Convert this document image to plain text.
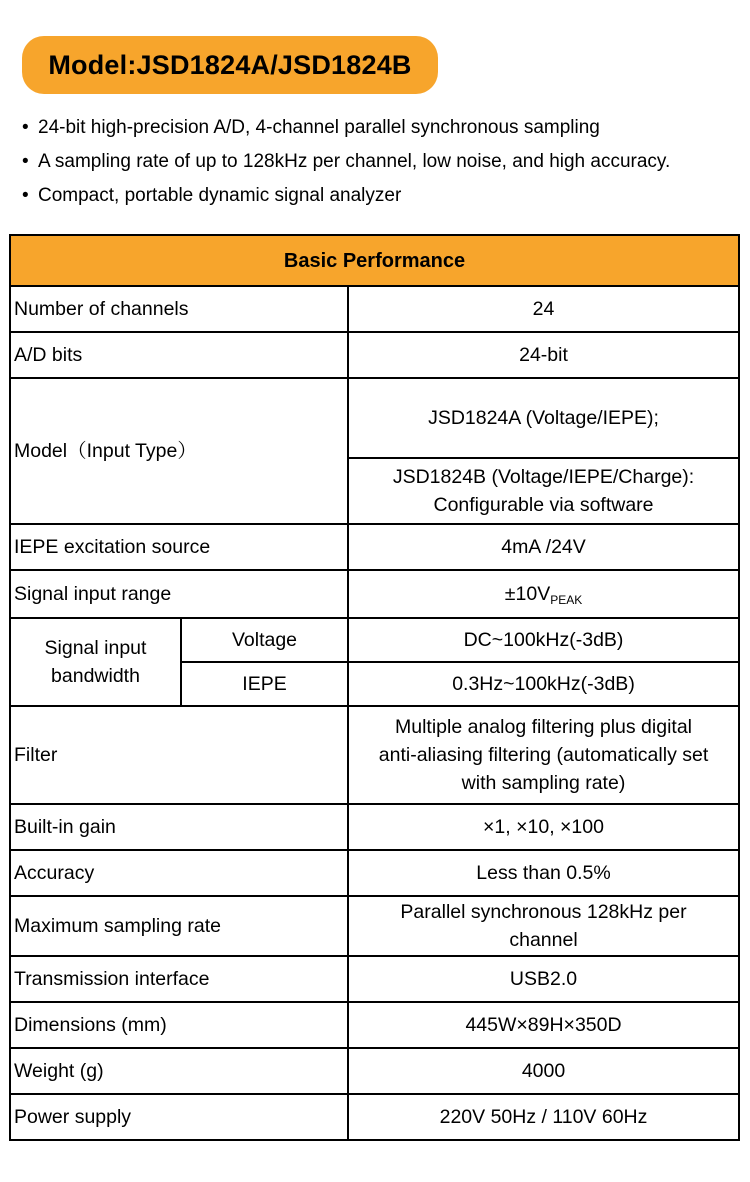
Model:JSD1824A/JSD1824B
• 24-bit high-precision A/D, 4-channel parallel synchronous sampling
• A sampling rate of up to 128kHz per channel, low noise, and high accuracy.
• Compact, portable dynamic signal analyzer
Basic Performance		
Number of channels		24
A/D bits		24-bit
Model（Input Type）		JSD1824A (Voltage/IEPE);

		JSD1824B (Voltage/IEPE/Charge):
Configurable via software

IEPE excitation source		4mA /24V
Signal input range		$\pm 10V_{PEAK}$

Signal input
bandwidth	Voltage	DC~100kHz(-3dB)
	IEPE	0.3Hz~100kHz(-3dB)
Filter		Multiple analog filtering plus digital
anti-aliasing filtering (automatically set
with sampling rate)

Built-in gain		×1, ×10, ×100
Accuracy		Less than 0.5%
Maximum sampling rate		Parallel synchronous 128kHz per
channel

Transmission interface		USB2.0
Dimensions (mm)		445W×89H×350D
Weight (g)		4000
Power supply		220V 50Hz / 110V 60Hz
